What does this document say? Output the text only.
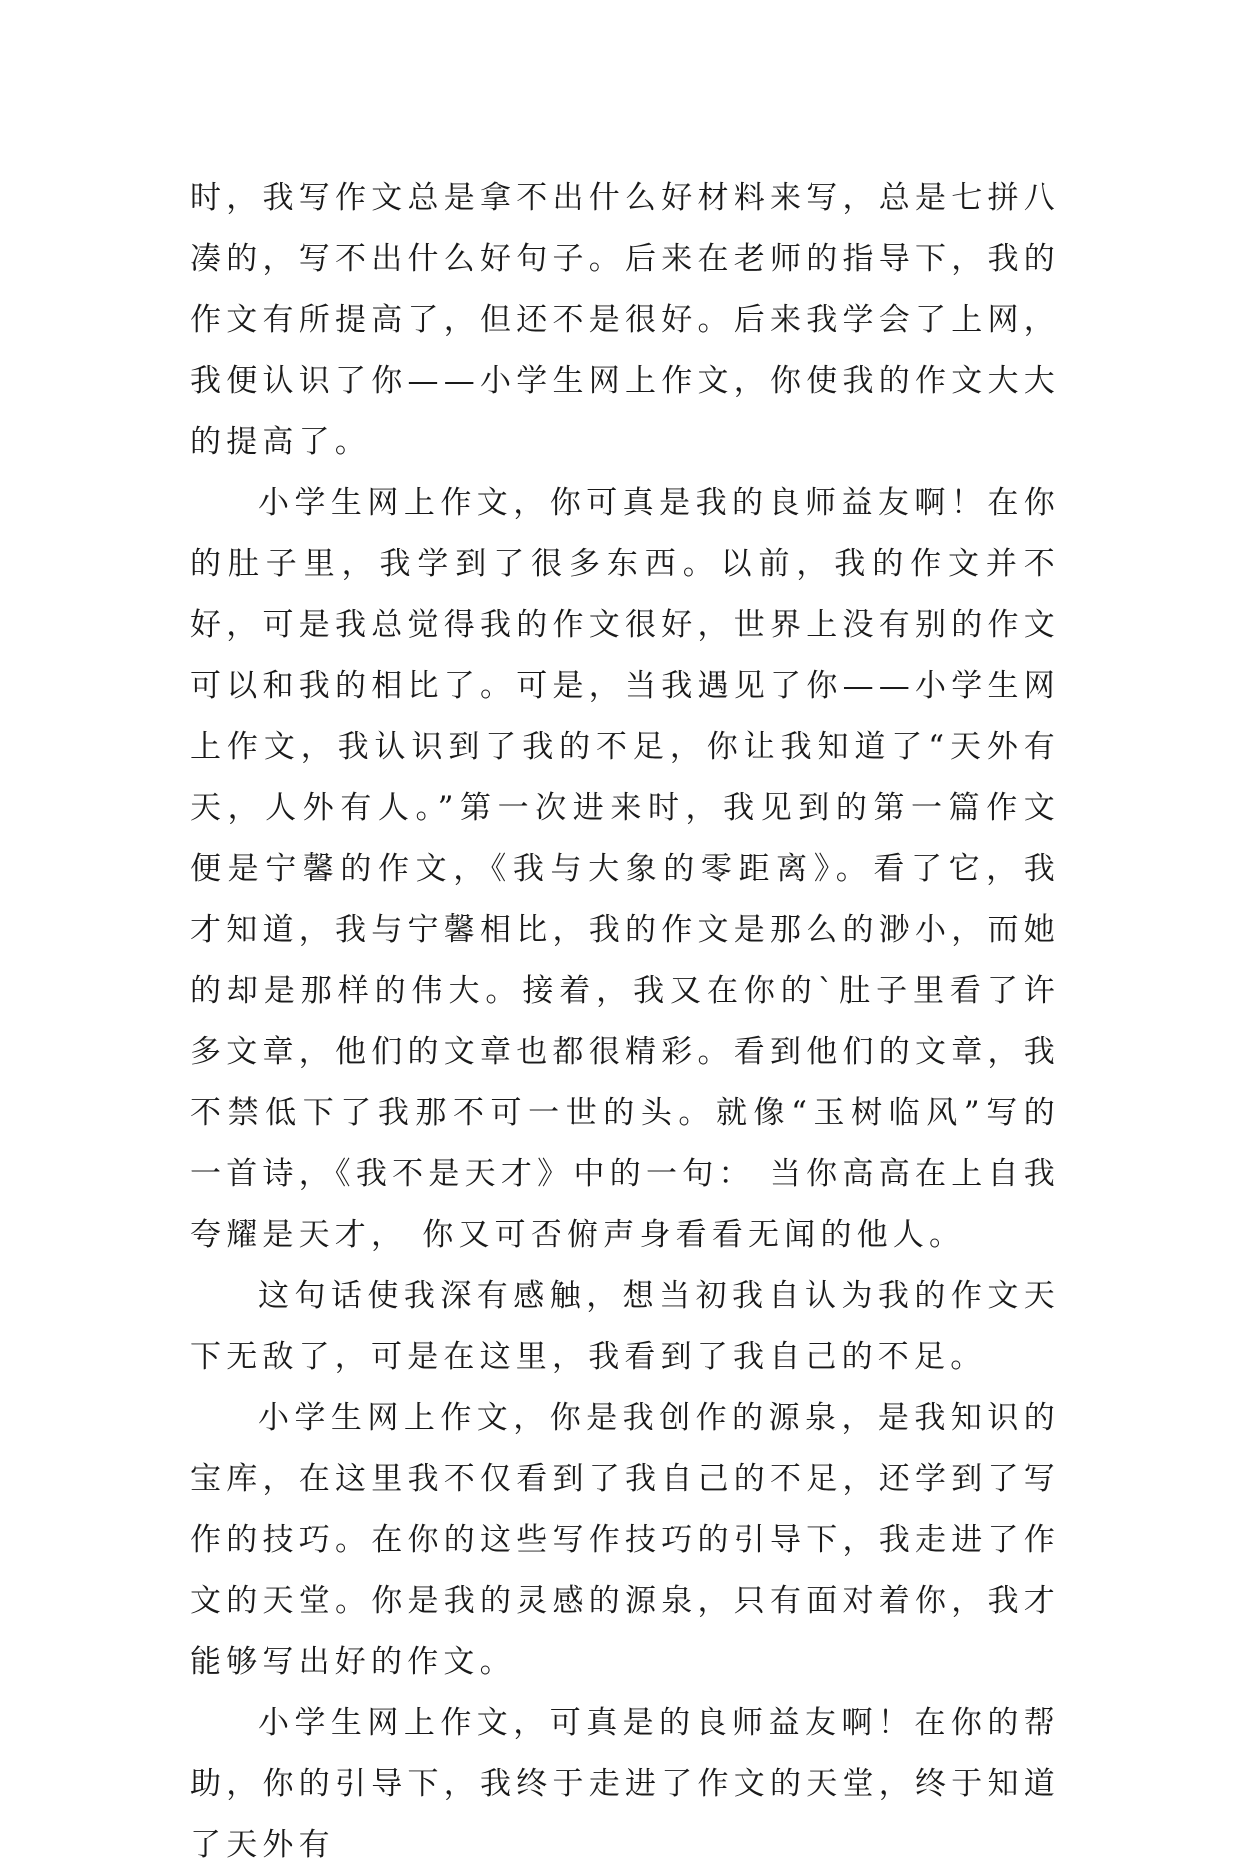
时，我写作文总是拿不出什么好材料来写，总是七拼八凑的，写不出什么好句子。后来在老师的指导下，我的作文有所提高了，但还不是很好。后来我学会了上网，我便认识了你——小学生网上作文，你使我的作文大大的提高了。

小学生网上作文，你可真是我的良师益友啊！在你的肚子里，我学到了很多东西。以前，我的作文并不好，可是我总觉得我的作文很好，世界上没有别的作文可以和我的相比了。可是，当我遇见了你——小学生网上作文，我认识到了我的不足，你让我知道了“天外有天，人外有人。”第一次进来时，我见到的第一篇作文便是宁馨的作文，《我与大象的零距离》。看了它，我才知道，我与宁馨相比，我的作文是那么的渺小，而她的却是那样的伟大。接着，我又在你的`肚子里看了许多文章，他们的文章也都很精彩。看到他们的文章，我不禁低下了我那不可一世的头。就像“玉树临风”写的一首诗，《我不是天才》中的一句： 当你高高在上自我夸耀是天才， 你又可否俯声身看看无闻的他人。

这句话使我深有感触，想当初我自认为我的作文天下无敌了，可是在这里，我看到了我自己的不足。

小学生网上作文，你是我创作的源泉，是我知识的宝库，在这里我不仅看到了我自己的不足，还学到了写作的技巧。在你的这些写作技巧的引导下，我走进了作文的天堂。你是我的灵感的源泉，只有面对着你，我才能够写出好的作文。

小学生网上作文，可真是的良师益友啊！在你的帮助，你的引导下，我终于走进了作文的天堂，终于知道了天外有
